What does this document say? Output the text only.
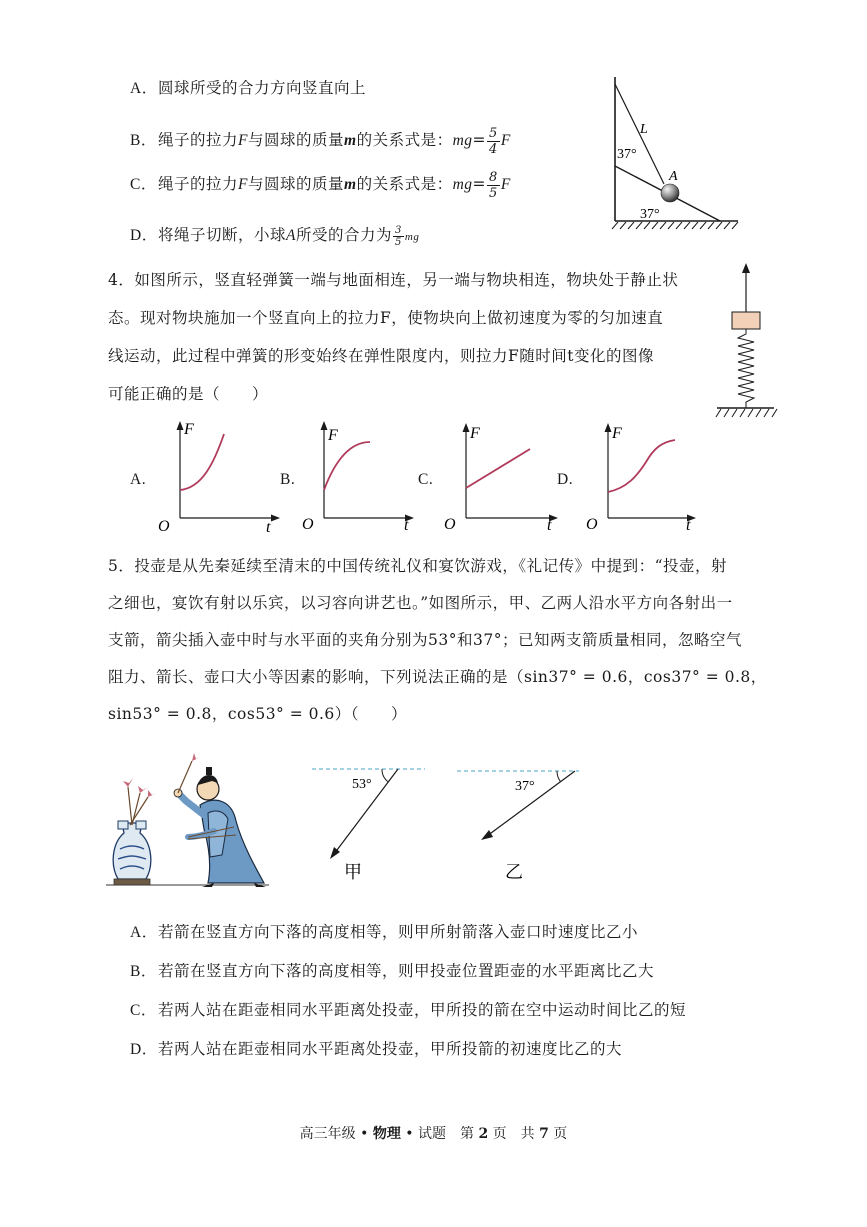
A．圆球所受的合力方向竖直向上
B．绳子的拉力F与圆球的质量m的关系式是：$mg= \frac{5}{4}$ F
C．绳子的拉力F与圆球的质量m的关系式是：$mg= \frac{8}{5}$ F
D．将绳子切断，小球A所受的合力为 $\frac{3}{5}$ mg
L
37°
A
37°
4．如图所示，竖直轻弹簧一端与地面相连，另一端与物块相连，物块处于静止状
态。现对物块施加一个竖直向上的拉力F，使物块向上做初速度为零的匀加速直
线运动，此过程中弹簧的形变始终在弹性限度内，则拉力F随时间t变化的图像
可能正确的是（　　）
A.
F
O	t
B.
F
O	t
C.
F
O	t
D.
F
O	t
5．投壶是从先秦延续至清末的中国传统礼仪和宴饮游戏，《礼记传》中提到：“投壶，射
之细也，宴饮有射以乐宾，以习容向讲艺也。”如图所示，甲、乙两人沿水平方向各射出一
支箭，箭尖插入壶中时与水平面的夹角分别为53°和37°；已知两支箭质量相同，忽略空气
阻力、箭长、壶口大小等因素的影响，下列说法正确的是（sin37° = 0.6，cos37° = 0.8，
sin53° = 0.8，cos53° = 0.6）（　　）
53°
甲
37°
乙
A．若箭在竖直方向下落的高度相等，则甲所射箭落入壶口时速度比乙小
B．若箭在竖直方向下落的高度相等，则甲投壶位置距壶的水平距离比乙大
C．若两人站在距壶相同水平距离处投壶，甲所投的箭在空中运动时间比乙的短
D．若两人站在距壶相同水平距离处投壶，甲所投箭的初速度比乙的大
高三年级 • 物理 • 试题　第 2 页　共 7 页
